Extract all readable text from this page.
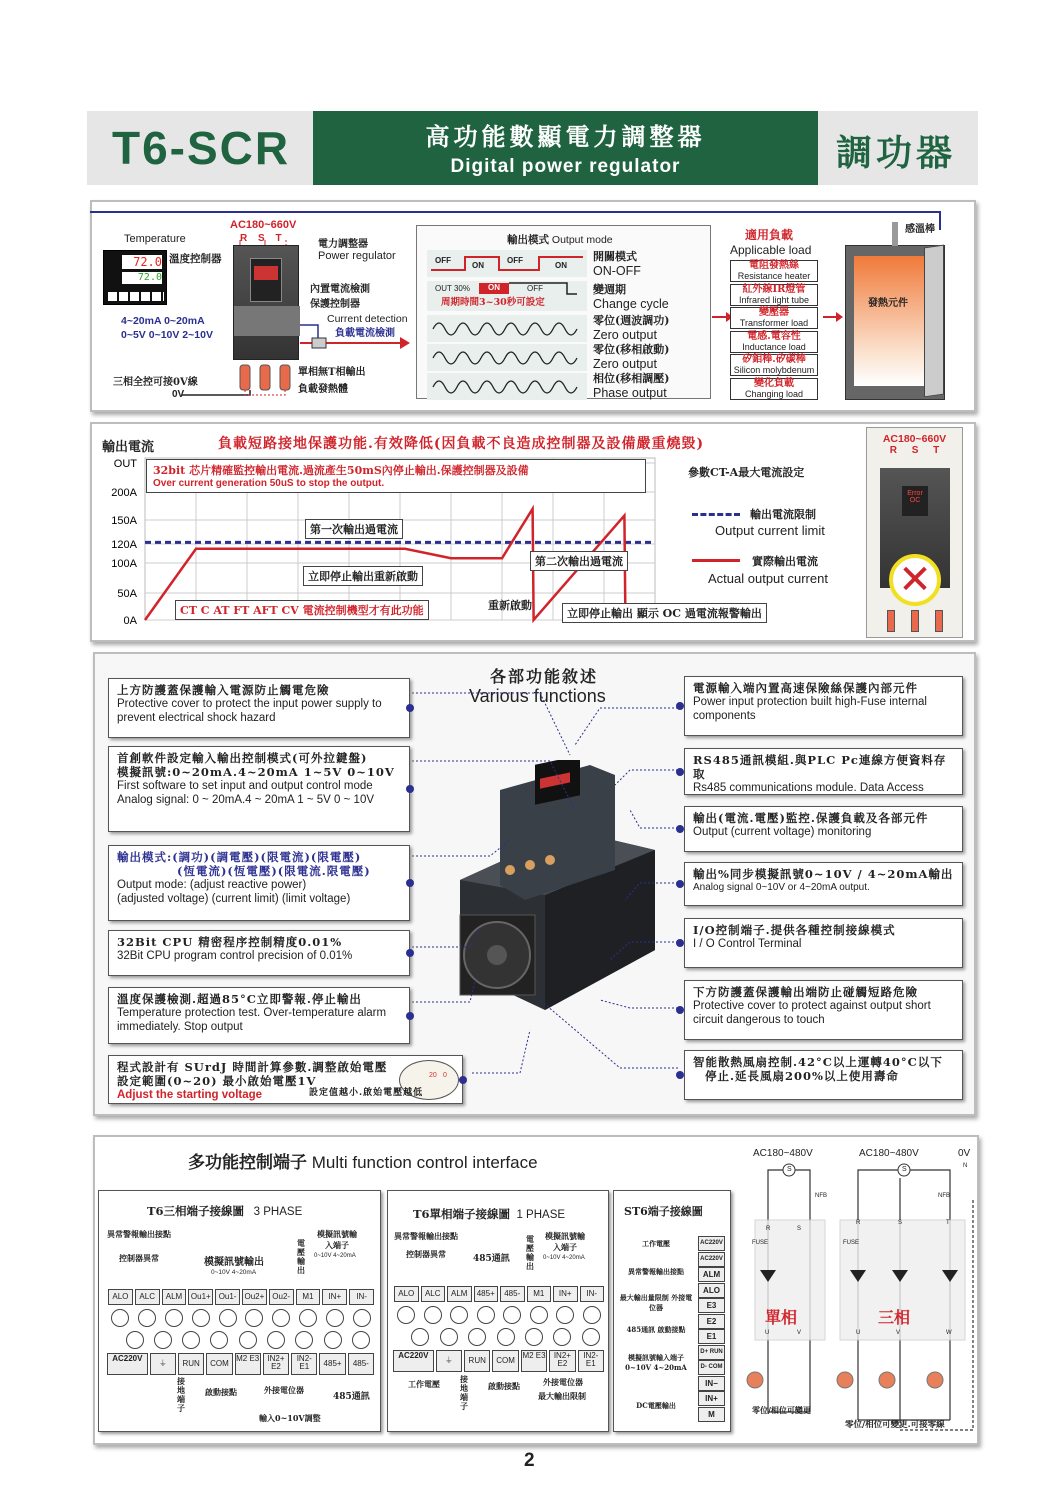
T6-SCR	高功能數顯電力調整器
Digital power regulator	調功器
Temperature
72.0
72.0
溫度控制器
AC180~660V
R S T
電力調整器
Power regulator
內置電流檢測
保護控制器
Current detection
負載電流檢測
4~20mA 0~20mA
0~5V 0~10V 2~10V
三相全控可接0V線
0V
單相無T相輸出
負載發熱體
輸出模式 Output mode
OFF
ON
OFF
ON
OUT 30%	ON	OFF
周期時間3~30秒可設定
開關模式
ON-OFF
變週期
Change cycle
零位(週波調功)
Zero output
零位(移相啟動)
Zero output
相位(移相調壓)
Phase output
適用負載
Applicable load
電阻發熱絲
Resistance heater
紅外線IR燈管
Infrared light tube
變壓器
Transformer load
電感.電容性
Inductance load
矽鉬棒.矽碳棒
Silicon molybdenum
變化負載
Changing load
發熱元件
感溫棒
輸出電流	負載短路接地保護功能.有效降低(因負載不良造成控制器及設備嚴重燒毀)
0A
50A
100A
120A
150A
200A
OUT 32bit 芯片精確監控輸出電流.過流產生50mS內停止輸出.保護控制器及設備
Over current generation 50uS to stop the output.
參數CT-A最大電流設定
第一次輸出過電流
立即停止輸出重新啟動
第二次輸出過電流
重新啟動
CT C AT FT AFT CV 電流控制機型才有此功能	立即停止輸出 顯示 OC 過電流報警輸出
輸出電流限制
Output current limit
實際輸出電流
Actual output current
AC180~660V
R S T
Error OC
✕
各部功能敘述
Various functions
上方防護蓋保護輸入電源防止觸電危險
Protective cover to protect the input power supply to prevent electrical shock hazard
首創軟件設定輸入輸出控制模式(可外拉鍵盤)
模擬訊號:0~20mA.4~20mA 1~5V 0~10V
First software to set input and output control mode
Analog signal: 0 ~ 20mA.4 ~ 20mA 1 ~ 5V 0 ~ 10V
輸出模式:(調功)(調電壓)(限電流)(限電壓)
(恆電流)(恆電壓)(限電流.限電壓)
Output mode: (adjust reactive power)
(adjusted voltage) (current limit) (limit voltage)
32Bit CPU 精密程序控制精度0.01%
32Bit CPU program control precision of 0.01%
溫度保護檢測.超過85°C立即警報.停止輸出
Temperature protection test. Over-temperature alarm immediately. Stop output
程式設計有 SUrdJ 時間計算參數.調整啟始電壓
設定範圍(0~20) 最小啟始電壓1V
Adjust the starting voltage	設定值越小.啟始電壓越低
20 0
電源輸入端內置高速保險絲保護內部元件
Power input protection built high-Fuse internal components
RS485通訊模組.與PLC Pc連線方便資料存取
Rs485 communications module. Data Access
輸出(電流.電壓)監控.保護負載及各部元件
Output (current voltage) monitoring
輸出%同步模擬訊號0~10V / 4~20mA輸出
Analog signal 0~10V or 4~20mA output.
I/O控制端子.提供各種控制接線模式
I / O Control Terminal
下方防護蓋保護輸出端防止碰觸短路危險
Protective cover to protect against output short circuit dangerous to touch
智能散熱風扇控制.42°C以上運轉40°C以下
停止.延長風扇200%以上使用壽命
多功能控制端子 Multi function control interface
T6三相端子接線圖 3 PHASE
異常警報輸出接點
控制器異常	模擬訊號輸出
0~10V 4~20mA
電壓輸出
模擬訊號輸入端子
0~10V 4~20mA
ALO	ALC	ALM	Ou1+	Ou1-	Ou2+	Ou2-	M1	IN+	IN-
AC220V
⏚	RUN	COM
M2 E3	IN2+ E2
IN2- E1	485+	485-
接地端子
啟動接點	外接電位器
485通訊
輸入0~10V調整
T6單相端子接線圖 1 PHASE
異常警報輸出接點
控制器異常	485通訊
電壓輸出
模擬訊號輸入端子
0~10V 4~20mA
ALO	ALC	ALM	485+	485-	M1	IN+	IN-
AC220V
⏚	RUN	COM
M2 E3	IN2+ E2
IN2- E1
工作電壓	接地端子
啟動接點	外接電位器
最大輸出限制
ST6端子接線圖
AC220V
AC220V
ALM
ALO
E3
E2
E1
D+ RUN
D- COM
IN−
IN+
M
工作電壓
異常警報輸出接點
最大輸出量限制 外接電位器
485通訊 啟動接點
模擬訊號輸入端子 0~10V 4~20mA
DC電壓輸出
AC180~480V	AC180~480V	0V
N
S	S
NFB	NFB
FUSE	FUSE
R	S
R	S	T
單相	三相
U	V	U	V	W
零位/相位可變更
零位/相位可變更.可接零線
2
